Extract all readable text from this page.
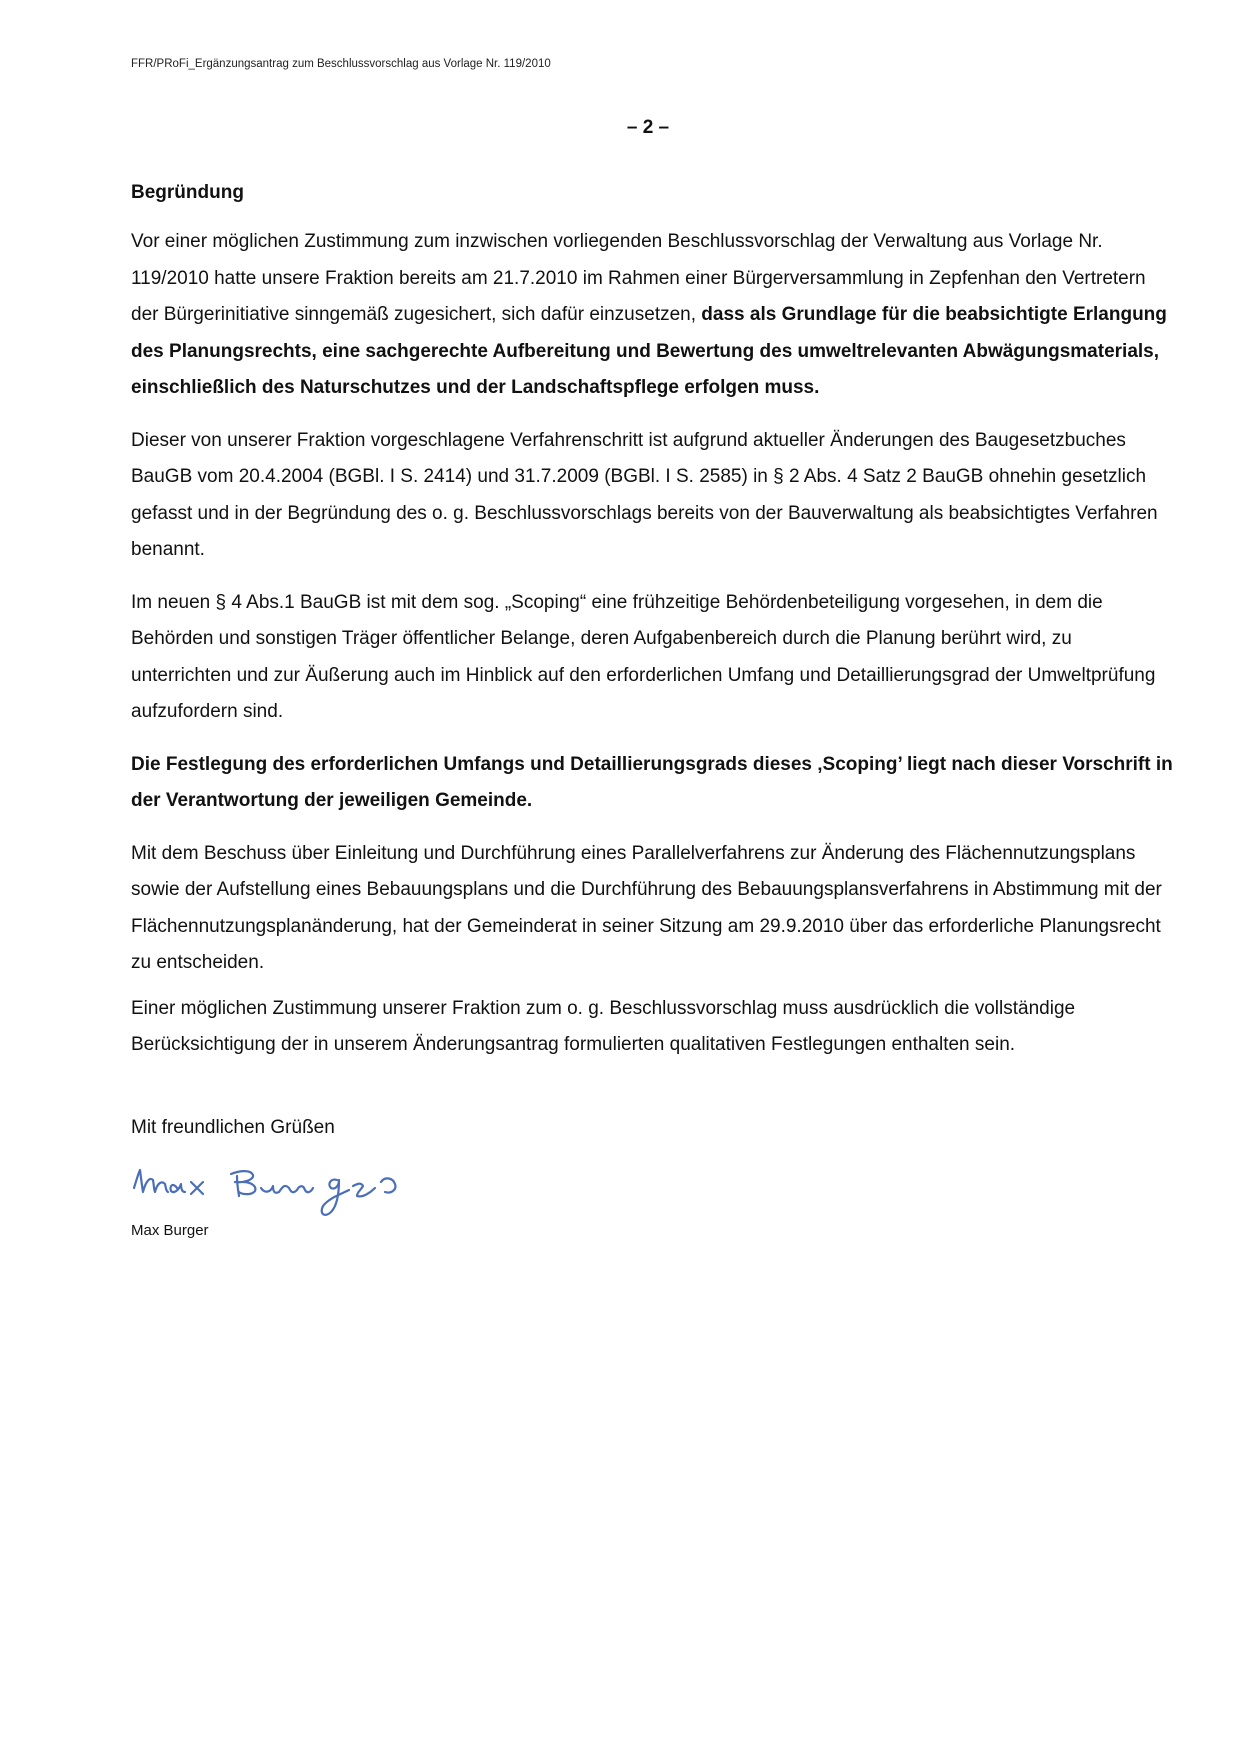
FFR/PRoFi_Ergänzungsantrag zum Beschlussvorschlag aus Vorlage Nr. 119/2010
– 2 –
Begründung

Vor einer möglichen Zustimmung zum inzwischen vorliegenden Beschlussvorschlag der Verwaltung aus Vorlage Nr. 119/2010 hatte unsere Fraktion bereits am 21.7.2010 im Rahmen einer Bürgerversammlung in Zepfenhan den Vertretern der Bürgerinitiative sinngemäß zugesichert, sich dafür einzusetzen, dass als Grundlage für die beabsichtigte Erlangung des Planungsrechts, eine sachgerechte Aufbereitung und Bewertung des umweltrelevanten Abwägungsmaterials, einschließlich des Naturschutzes und der Landschaftspflege erfolgen muss.

Dieser von unserer Fraktion vorgeschlagene Verfahrenschritt ist aufgrund aktueller Änderungen des Baugesetzbuches BauGB vom 20.4.2004 (BGBl. I S. 2414) und 31.7.2009 (BGBl. I S. 2585) in § 2 Abs. 4 Satz 2 BauGB ohnehin gesetzlich gefasst und in der Begründung des o. g. Beschlussvorschlags bereits von der Bauverwaltung als beabsichtigtes Verfahren benannt.

Im neuen § 4 Abs.1 BauGB ist mit dem sog. „Scoping“ eine frühzeitige Behördenbeteiligung vorgesehen, in dem die Behörden und sonstigen Träger öffentlicher Belange, deren Aufgabenbereich durch die Planung berührt wird, zu unterrichten und zur Äußerung auch im Hinblick auf den erforderlichen Umfang und Detaillierungsgrad der Umweltprüfung aufzufordern sind.

Die Festlegung des erforderlichen Umfangs und Detaillierungsgrads dieses ‚Scoping’ liegt nach dieser Vorschrift in der Verantwortung der jeweiligen Gemeinde.

Mit dem Beschuss über Einleitung und Durchführung eines Parallelverfahrens zur Änderung des Flächennutzungsplans sowie der Aufstellung eines Bebauungsplans und die Durchführung des Bebauungsplansverfahrens in Abstimmung mit der Flächennutzungsplanänderung, hat der Gemeinderat in seiner Sitzung am 29.9.2010 über das erforderliche Planungsrecht zu entscheiden.

Einer möglichen Zustimmung unserer Fraktion zum o. g. Beschlussvorschlag muss ausdrücklich die vollständige Berücksichtigung der in unserem Änderungsantrag formulierten qualitativen Festlegungen enthalten sein.

Mit freundlichen Grüßen
Max Burger
